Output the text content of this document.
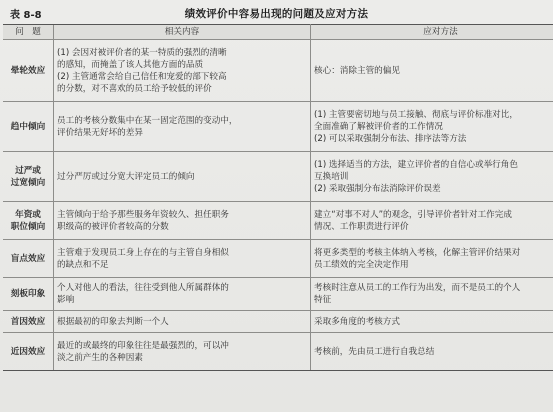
表 8-8	绩效评价中容易出现的问题及应对方法
问　题	相关内容	应对方法

晕轮效应	(1) 会因对被评价者的某一特质的强烈的清晰
的感知，而掩盖了该人其他方面的品质
(2) 主管通常会给自己信任和宠爱的部下较高
的分数，对不喜欢的员工给予较低的评价	核心：消除主管的偏见

趋中倾向	员工的考核分数集中在某一固定范围的变动中，
评价结果无好坏的差异	(1) 主管要密切地与员工接触、彻底与评价标准对比，
全面准确了解被评价者的工作情况
(2) 可以采取强制分布法、排序法等方法

过严或
过宽倾向	过分严厉或过分宽大评定员工的倾向	(1) 选择适当的方法，建立评价者的自信心或举行角色
互换培训
(2) 采取强制分布法消除评价误差

年资或
职位倾向	主管倾向于给予那些服务年资较久、担任职务
职级高的被评价者较高的分数	建立“对事不对人”的观念，引导评价者针对工作完成
情况、工作职责进行评价

盲点效应	主管难于发现员工身上存在的与主管自身相似
的缺点和不足	将更多类型的考核主体纳入考核，化解主管评价结果对
员工绩效的完全决定作用

刻板印象	个人对他人的看法，往往受到他人所属群体的
影响	考核时注意从员工的工作行为出发，而不是员工的个人
特征

首因效应	根据最初的印象去判断一个人	采取多角度的考核方式

近因效应	最近的或最终的印象往往是最强烈的，可以冲
淡之前产生的各种因素	考核前，先由员工进行自我总结
